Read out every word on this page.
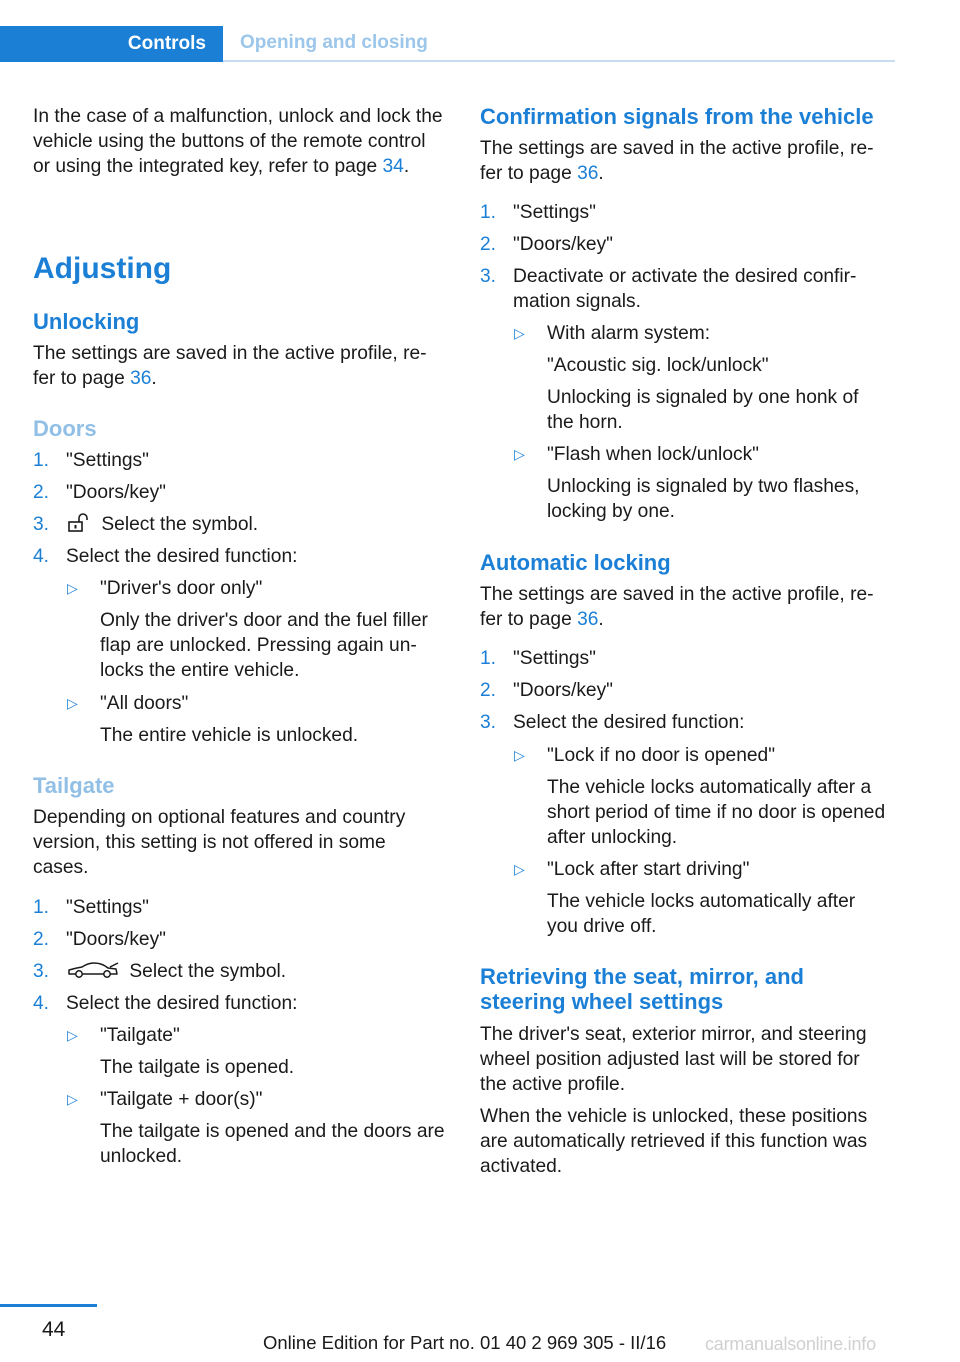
Controls	Opening and closing
In the case of a malfunction, unlock and lock the vehicle using the buttons of the remote control or using the integrated key, refer to page 34.
Adjusting
Unlocking
The settings are saved in the active profile, re-fer to page 36.
Doors
1. "Settings"
2. "Doors/key"
3.	Select the symbol.
4. Select the desired function:
▷ "Driver's door only"
Only the driver's door and the fuel filler flap are unlocked. Pressing again un-locks the entire vehicle.
▷ "All doors"
The entire vehicle is unlocked.
Tailgate
Depending on optional features and country version, this setting is not offered in some cases.
1. "Settings"
2. "Doors/key"
3.	Select the symbol.
4. Select the desired function:
▷ "Tailgate"
The tailgate is opened.
▷ "Tailgate + door(s)"
The tailgate is opened and the doors are unlocked.
Confirmation signals from the vehicle
The settings are saved in the active profile, re-fer to page 36.
1. "Settings"
2. "Doors/key"
3. Deactivate or activate the desired confir-mation signals.
▷ With alarm system:
"Acoustic sig. lock/unlock"
Unlocking is signaled by one honk of the horn.
▷ "Flash when lock/unlock"
Unlocking is signaled by two flashes, locking by one.
Automatic locking
The settings are saved in the active profile, re-fer to page 36.
1. "Settings"
2. "Doors/key"
3. Select the desired function:
▷ "Lock if no door is opened"
The vehicle locks automatically after a short period of time if no door is opened after unlocking.
▷ "Lock after start driving"
The vehicle locks automatically after you drive off.
Retrieving the seat, mirror, and steering wheel settings
The driver's seat, exterior mirror, and steering wheel position adjusted last will be stored for the active profile.
When the vehicle is unlocked, these positions are automatically retrieved if this function was activated.
44
Online Edition for Part no. 01 40 2 969 305 - II/16 carmanualsonline.info
